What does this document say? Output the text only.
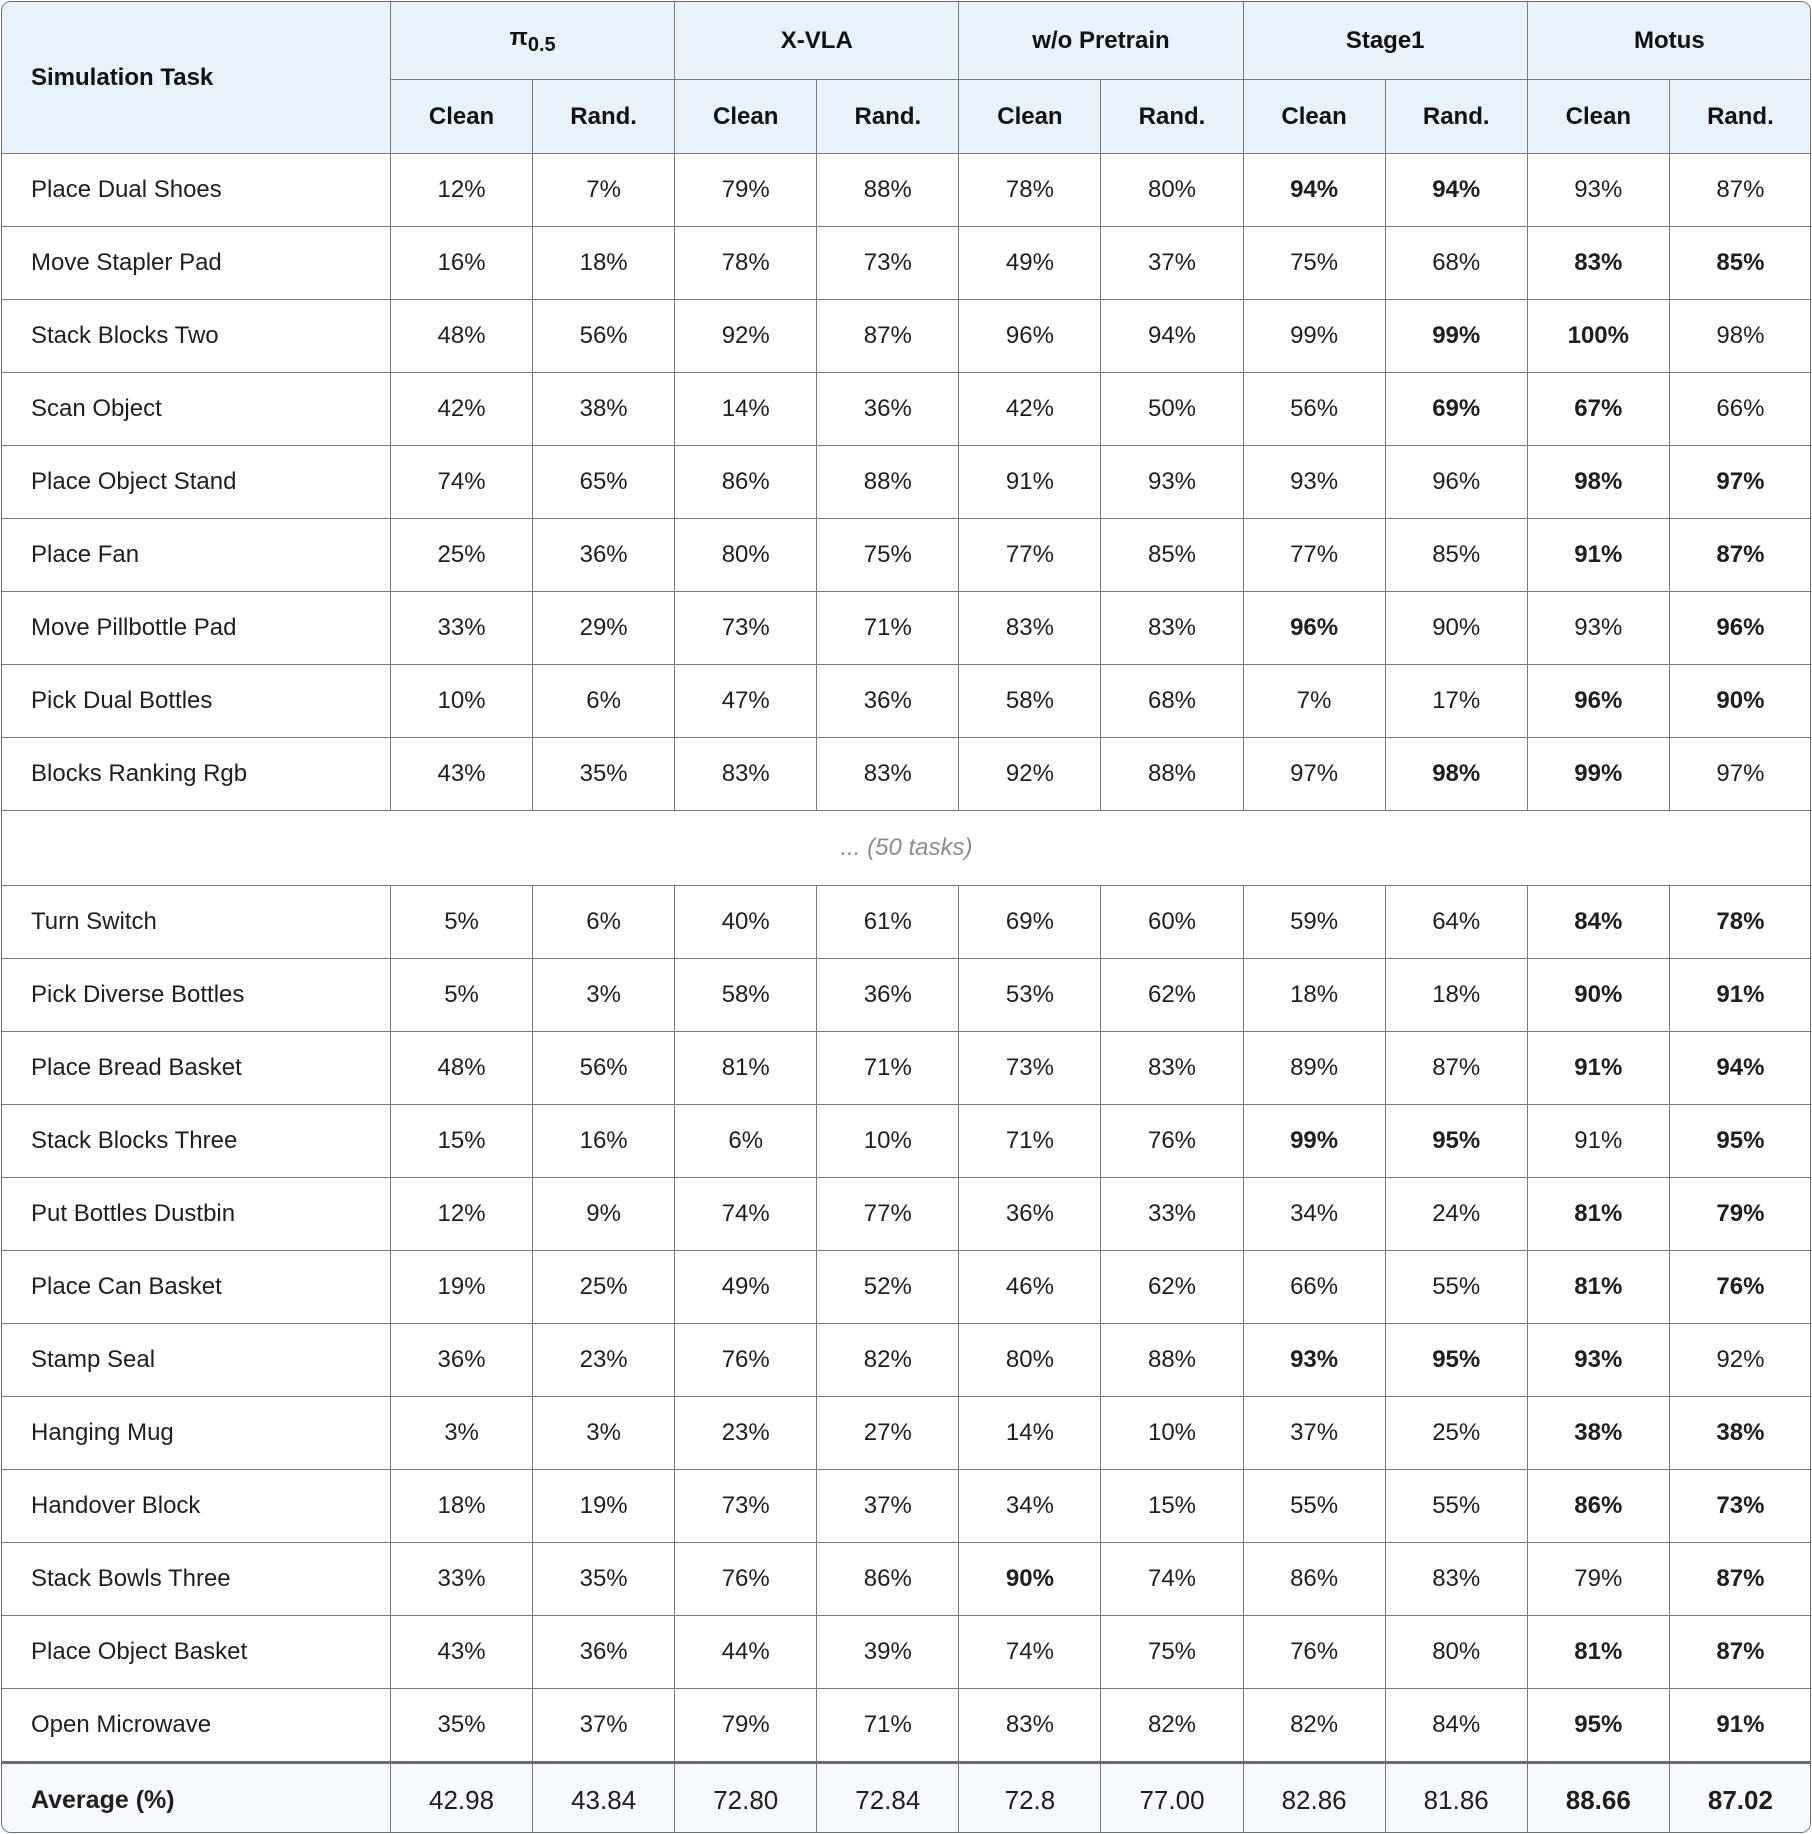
Simulation Task	$\pi_{0.5}$		X-VLA		w/o Pretrain		Stage1		Motus	
	Clean	Rand.	Clean	Rand.	Clean	Rand.	Clean	Rand.	Clean	Rand.
Place Dual Shoes	12%	7%	79%	88%	78%	80%	94%	94%	93%	87%
Move Stapler Pad	16%	18%	78%	73%	49%	37%	75%	68%	83%	85%
Stack Blocks Two	48%	56%	92%	87%	96%	94%	99%	99%	100%	98%
Scan Object	42%	38%	14%	36%	42%	50%	56%	69%	67%	66%
Place Object Stand	74%	65%	86%	88%	91%	93%	93%	96%	98%	97%
Place Fan	25%	36%	80%	75%	77%	85%	77%	85%	91%	87%
Move Pillbottle Pad	33%	29%	73%	71%	83%	83%	96%	90%	93%	96%
Pick Dual Bottles	10%	6%	47%	36%	58%	68%	7%	17%	96%	90%
Blocks Ranking Rgb	43%	35%	83%	83%	92%	88%	97%	98%	99%	97%
... (50 tasks)										
Turn Switch	5%	6%	40%	61%	69%	60%	59%	64%	84%	78%
Pick Diverse Bottles	5%	3%	58%	36%	53%	62%	18%	18%	90%	91%
Place Bread Basket	48%	56%	81%	71%	73%	83%	89%	87%	91%	94%
Stack Blocks Three	15%	16%	6%	10%	71%	76%	99%	95%	91%	95%
Put Bottles Dustbin	12%	9%	74%	77%	36%	33%	34%	24%	81%	79%
Place Can Basket	19%	25%	49%	52%	46%	62%	66%	55%	81%	76%
Stamp Seal	36%	23%	76%	82%	80%	88%	93%	95%	93%	92%
Hanging Mug	3%	3%	23%	27%	14%	10%	37%	25%	38%	38%
Handover Block	18%	19%	73%	37%	34%	15%	55%	55%	86%	73%
Stack Bowls Three	33%	35%	76%	86%	90%	74%	86%	83%	79%	87%
Place Object Basket	43%	36%	44%	39%	74%	75%	76%	80%	81%	87%
Open Microwave	35%	37%	79%	71%	83%	82%	82%	84%	95%	91%
Average (%)	42.98	43.84	72.80	72.84	72.8	77.00	82.86	81.86	88.66	87.02
